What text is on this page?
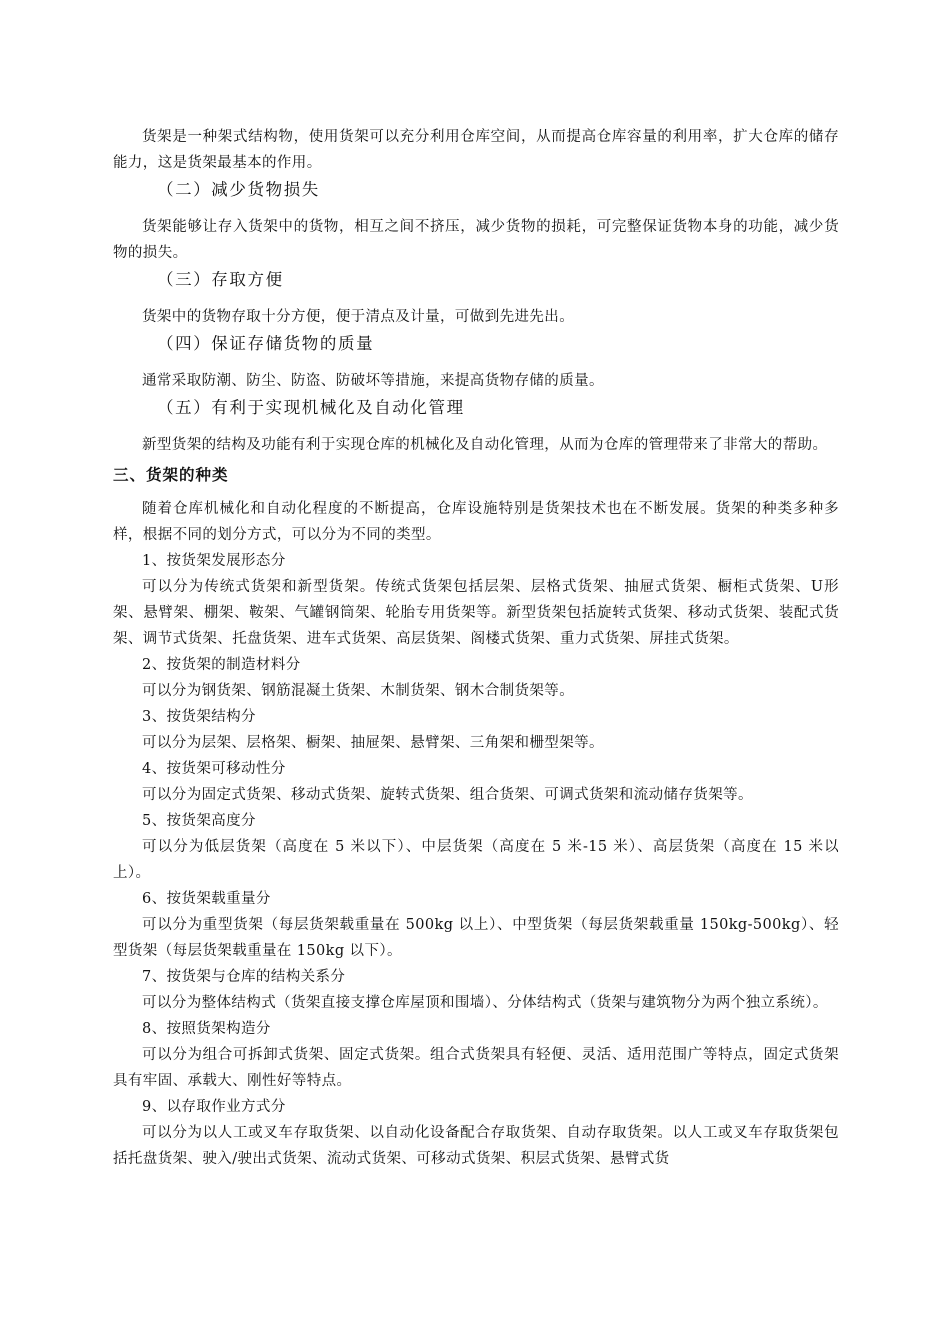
货架是一种架式结构物，使用货架可以充分利用仓库空间，从而提高仓库容量的利用率，扩大仓库的储存能力，这是货架最基本的作用。

（二）减少货物损失

货架能够让存入货架中的货物，相互之间不挤压，减少货物的损耗，可完整保证货物本身的功能，减少货物的损失。

（三）存取方便

货架中的货物存取十分方便，便于清点及计量，可做到先进先出。

（四）保证存储货物的质量

通常采取防潮、防尘、防盗、防破坏等措施，来提高货物存储的质量。

（五）有利于实现机械化及自动化管理

新型货架的结构及功能有利于实现仓库的机械化及自动化管理，从而为仓库的管理带来了非常大的帮助。

三、货架的种类

随着仓库机械化和自动化程度的不断提高，仓库设施特别是货架技术也在不断发展。货架的种类多种多样，根据不同的划分方式，可以分为不同的类型。

1、按货架发展形态分

可以分为传统式货架和新型货架。传统式货架包括层架、层格式货架、抽屉式货架、橱柜式货架、U形架、悬臂架、棚架、鞍架、气罐钢筒架、轮胎专用货架等。新型货架包括旋转式货架、移动式货架、装配式货架、调节式货架、托盘货架、进车式货架、高层货架、阁楼式货架、重力式货架、屏挂式货架。

2、按货架的制造材料分

可以分为钢货架、钢筋混凝土货架、木制货架、钢木合制货架等。

3、按货架结构分

可以分为层架、层格架、橱架、抽屉架、悬臂架、三角架和栅型架等。

4、按货架可移动性分

可以分为固定式货架、移动式货架、旋转式货架、组合货架、可调式货架和流动储存货架等。

5、按货架高度分

可以分为低层货架（高度在 5 米以下）、中层货架（高度在 5 米-15 米）、高层货架（高度在 15 米以上）。

6、按货架载重量分

可以分为重型货架（每层货架载重量在 500kg 以上）、中型货架（每层货架载重量 150kg-500kg）、轻型货架（每层货架载重量在 150kg 以下）。

7、按货架与仓库的结构关系分

可以分为整体结构式（货架直接支撑仓库屋顶和围墙）、分体结构式（货架与建筑物分为两个独立系统）。

8、按照货架构造分

可以分为组合可拆卸式货架、固定式货架。组合式货架具有轻便、灵活、适用范围广等特点，固定式货架具有牢固、承载大、刚性好等特点。

9、以存取作业方式分

可以分为以人工或叉车存取货架、以自动化设备配合存取货架、自动存取货架。以人工或叉车存取货架包括托盘货架、驶入/驶出式货架、流动式货架、可移动式货架、积层式货架、悬臂式货
